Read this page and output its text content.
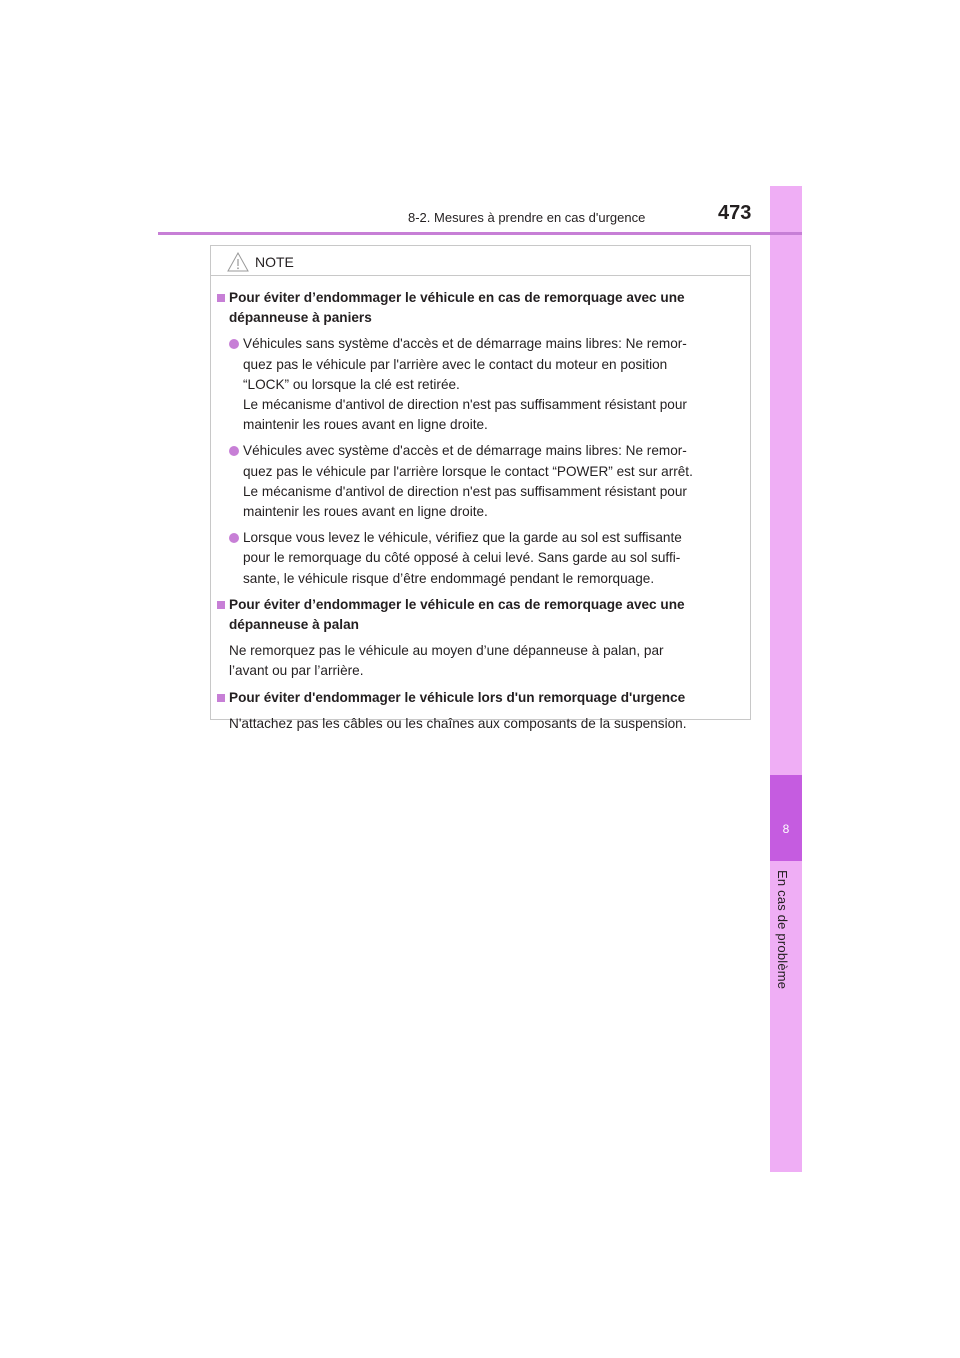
8
En cas de problème
8-2. Mesures à prendre en cas d'urgence	473
NOTE
Pour éviter d’endommager le véhicule en cas de remorquage avec une
dépanneuse à paniers
Véhicules sans système d'accès et de démarrage mains libres: Ne remor-
quez pas le véhicule par l'arrière avec le contact du moteur en position
“LOCK” ou lorsque la clé est retirée.
Le mécanisme d'antivol de direction n'est pas suffisamment résistant pour
maintenir les roues avant en ligne droite.
Véhicules avec système d'accès et de démarrage mains libres: Ne remor-
quez pas le véhicule par l'arrière lorsque le contact “POWER” est sur arrêt.
Le mécanisme d'antivol de direction n'est pas suffisamment résistant pour
maintenir les roues avant en ligne droite.
Lorsque vous levez le véhicule, vérifiez que la garde au sol est suffisante
pour le remorquage du côté opposé à celui levé. Sans garde au sol suffi-
sante, le véhicule risque d’être endommagé pendant le remorquage.
Pour éviter d’endommager le véhicule en cas de remorquage avec une
dépanneuse à palan
Ne remorquez pas le véhicule au moyen d’une dépanneuse à palan, par
l’avant ou par l’arrière.
Pour éviter d'endommager le véhicule lors d'un remorquage d'urgence
N'attachez pas les câbles ou les chaînes aux composants de la suspension.
